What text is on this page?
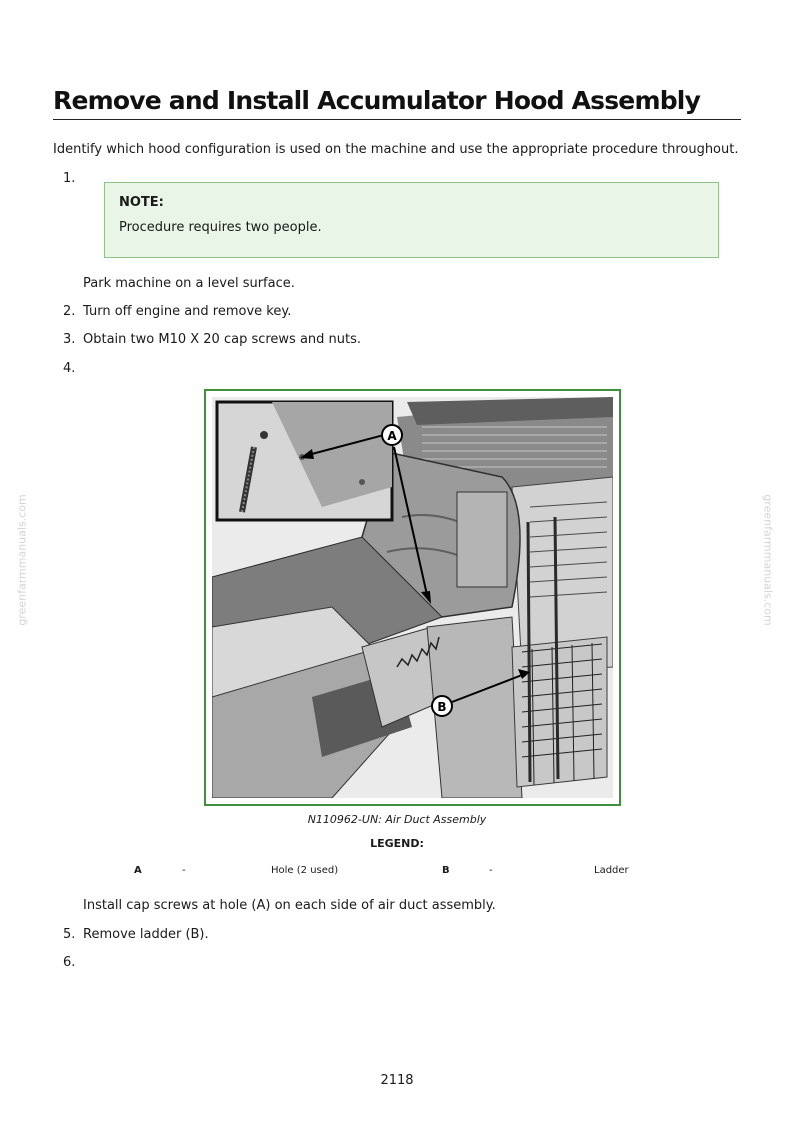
Remove and Install Accumulator Hood Assembly
Identify which hood configuration is used on the machine and use the appropriate procedure throughout.
1.
NOTE:
Procedure requires two people.
Park machine on a level surface.
2. Turn off engine and remove key.
3. Obtain two M10 X 20 cap screws and nuts.
4.
A
B
N110962-UN: Air Duct Assembly
LEGEND:
A	-	Hole (2 used)	B	-	Ladder
Install cap screws at hole (A) on each side of air duct assembly.
5. Remove ladder (B).
6.
greenfarmmanuals.com	greenfarmmanuals.com
2118
